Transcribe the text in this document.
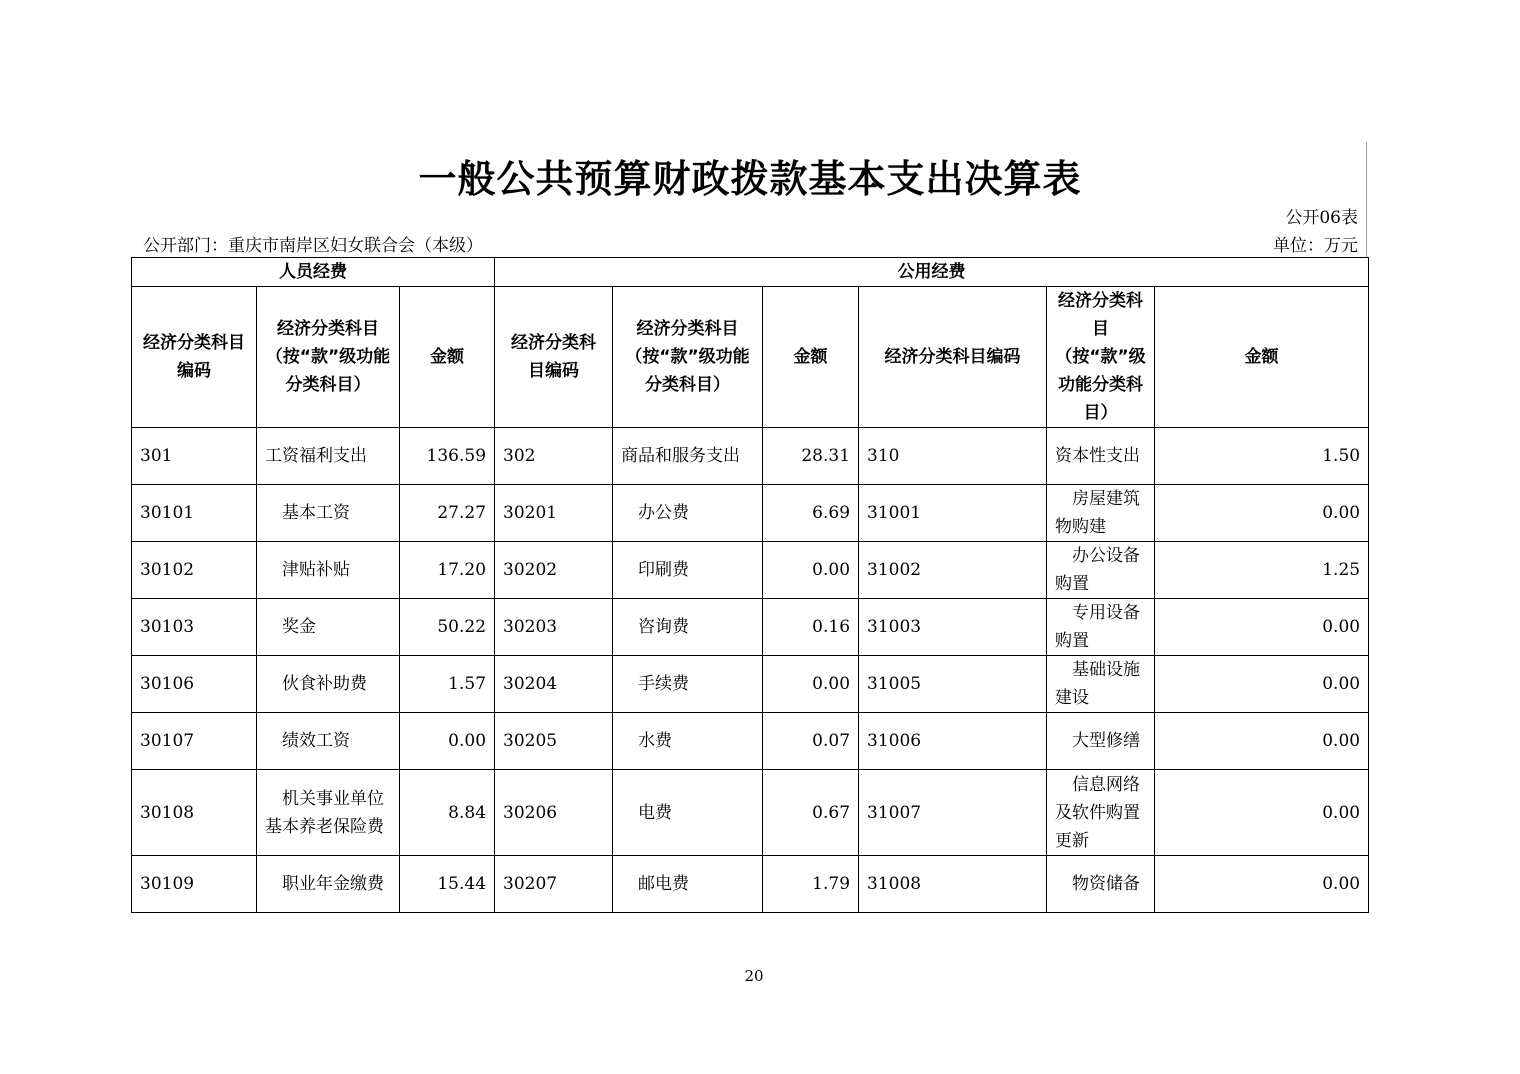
一般公共预算财政拨款基本支出决算表
公开06表
公开部门：重庆市南岸区妇女联合会（本级）	单位：万元
人员经费			公用经费					
经济分类科目编码	经济分类科目（按“款”级功能分类科目）	金额	经济分类科目编码	经济分类科目（按“款”级功能分类科目）	金额	经济分类科目编码	经济分类科目（按“款”级功能分类科目）	金额
301	工资福利支出	136.59	302	商品和服务支出	28.31	310	资本性支出	1.50
30101	基本工资	27.27	30201	办公费	6.69	31001	房屋建筑物购建	0.00
30102	津贴补贴	17.20	30202	印刷费	0.00	31002	办公设备购置	1.25
30103	奖金	50.22	30203	咨询费	0.16	31003	专用设备购置	0.00
30106	伙食补助费	1.57	30204	手续费	0.00	31005	基础设施建设	0.00
30107	绩效工资	0.00	30205	水费	0.07	31006	大型修缮	0.00
30108	机关事业单位基本养老保险费	8.84	30206	电费	0.67	31007	信息网络及软件购置更新	0.00
30109	职业年金缴费	15.44	30207	邮电费	1.79	31008	物资储备	0.00
20
